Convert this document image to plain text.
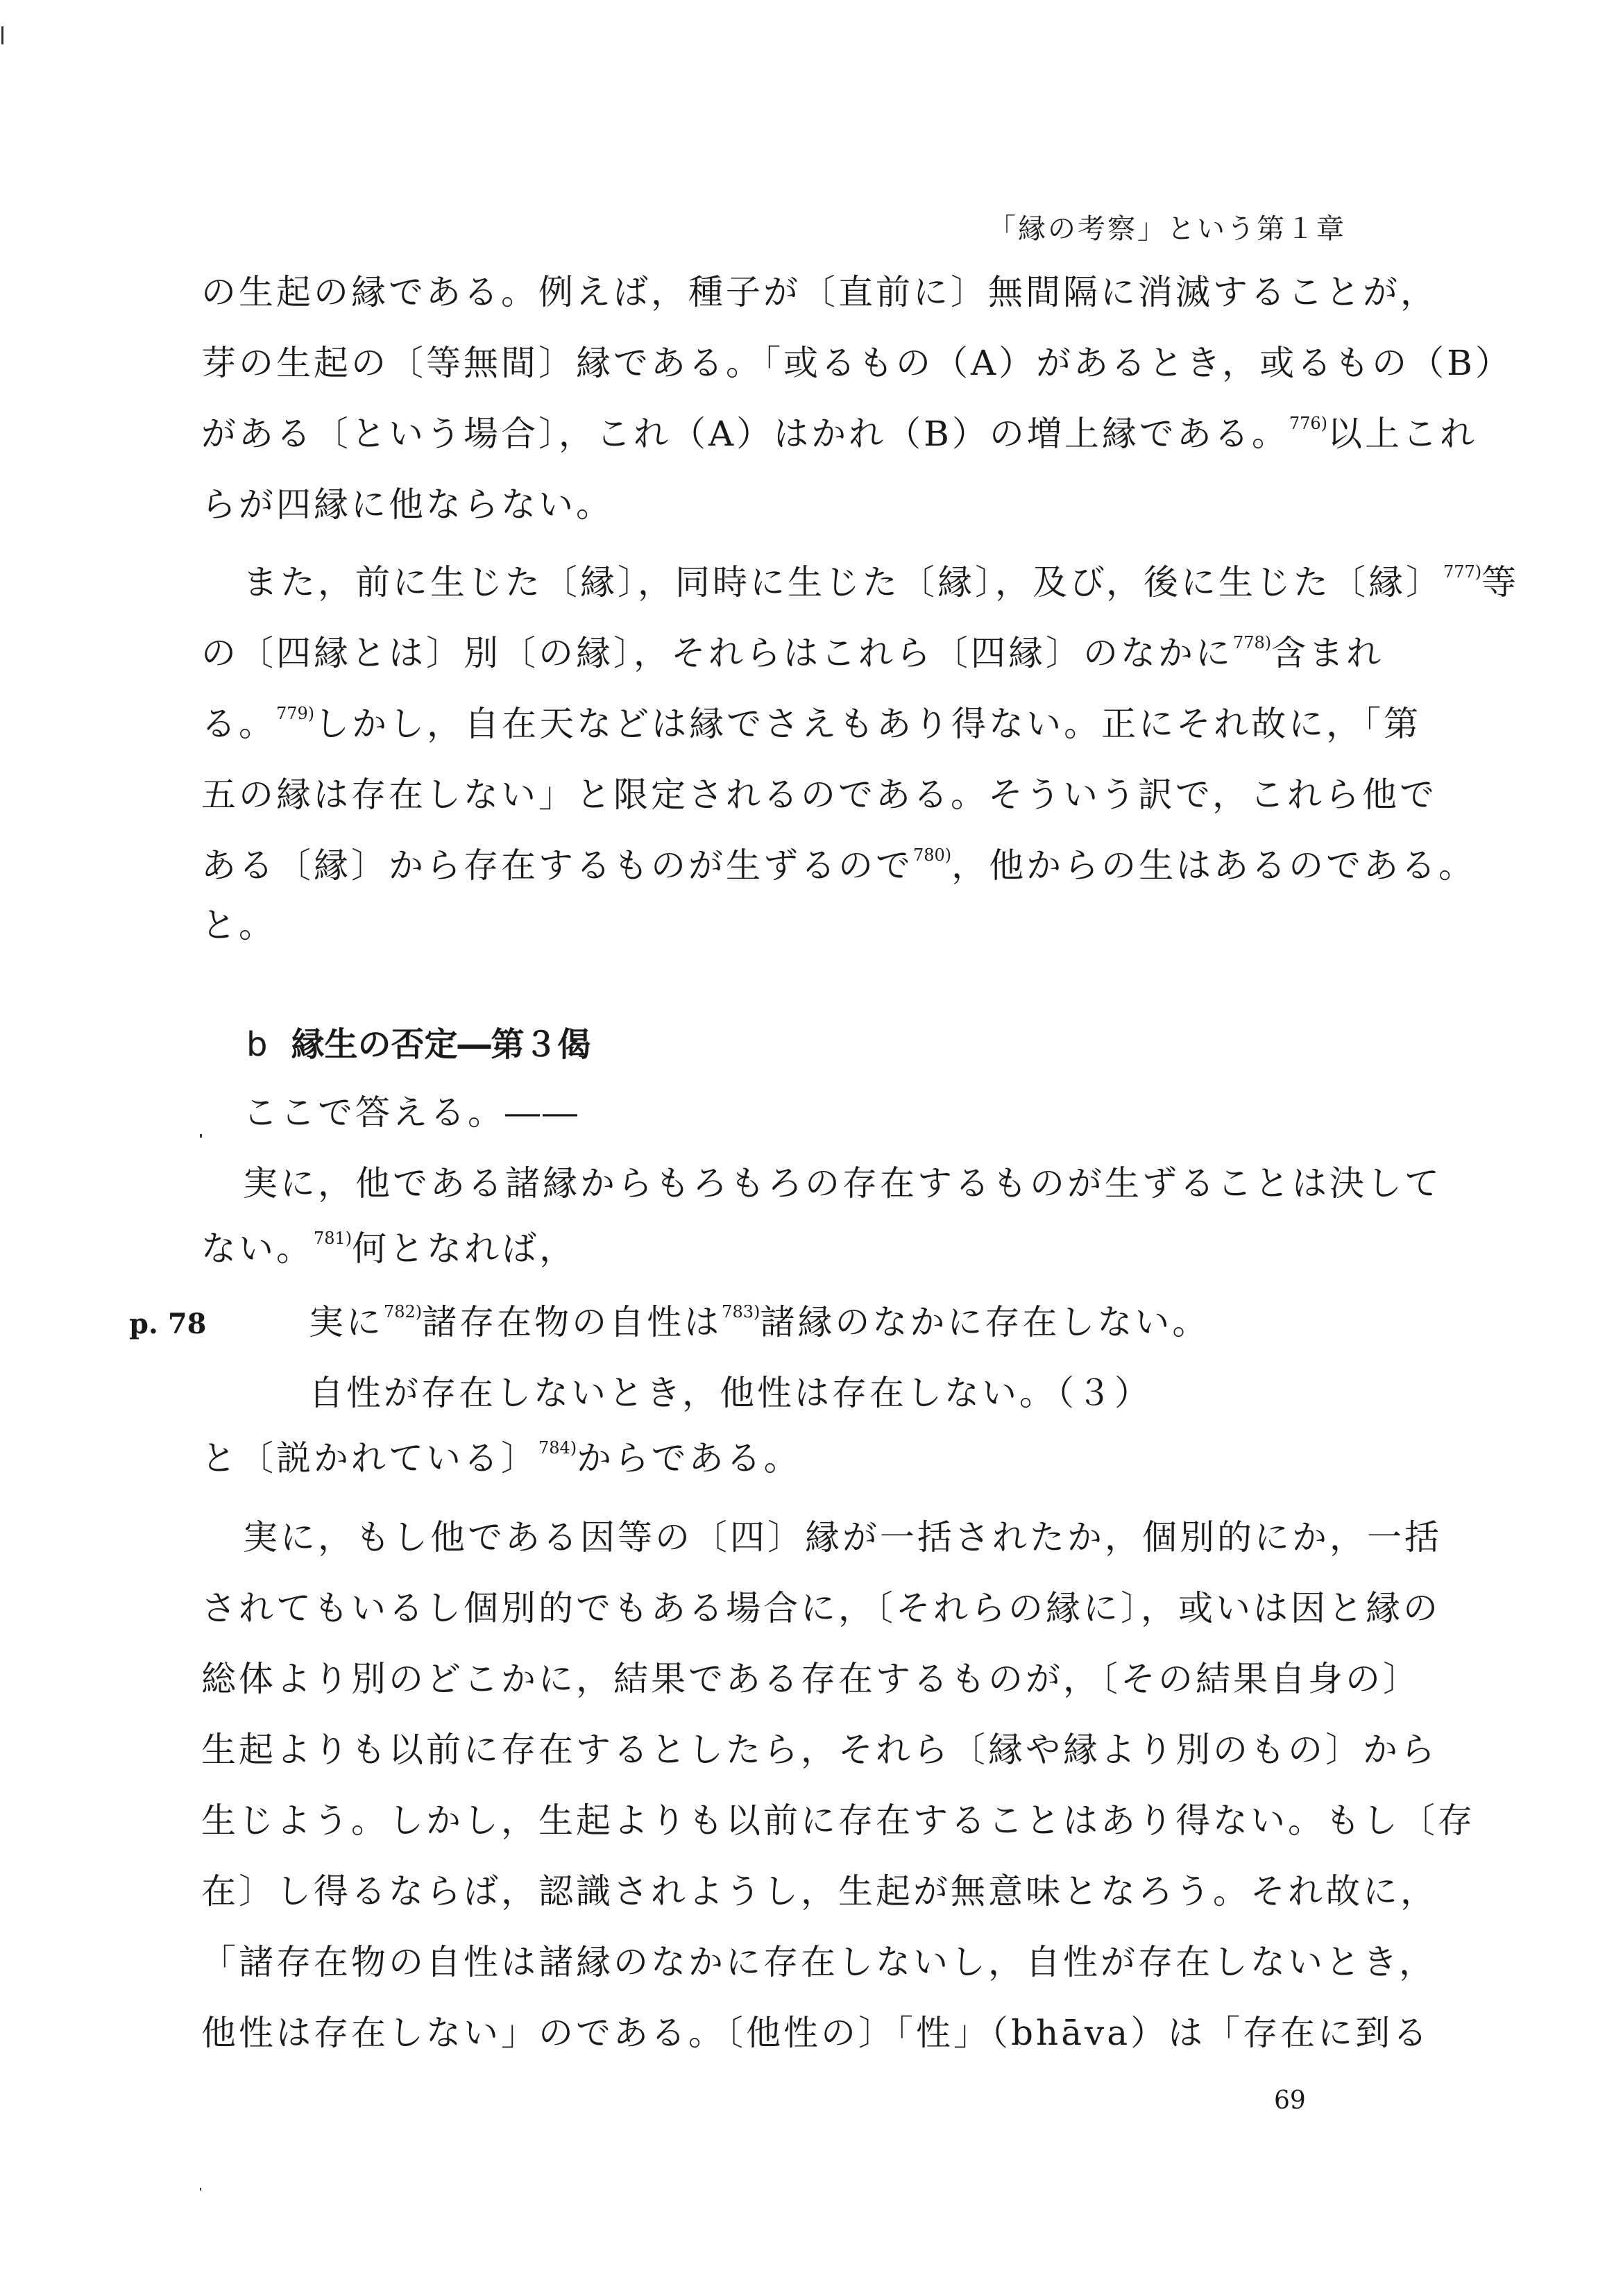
「縁の考察」という第１章
の生起の縁である。例えば，種子が〔直前に〕無間隔に消滅することが，
芽の生起の〔等無間〕縁である。「或るもの（A）があるとき，或るもの（B）
がある〔という場合〕，これ（A）はかれ（B）の増上縁である。$^{776)}$以上これ
らが四縁に他ならない。
また，前に生じた〔縁〕，同時に生じた〔縁〕，及び，後に生じた〔縁〕$^{777)}$等
の〔四縁とは〕別〔の縁〕，それらはこれら〔四縁〕のなかに$^{778)}$含まれ
る。$^{779)}$しかし，自在天などは縁でさえもあり得ない。正にそれ故に，「第
五の縁は存在しない」と限定されるのである。そういう訳で，これら他で
ある〔縁〕から存在するものが生ずるので$^{780)}$，他からの生はあるのである。
と。
b 縁生の否定―第３偈
ここで答える。――
実に，他である諸縁からもろもろの存在するものが生ずることは決して
ない。$^{781)}$何となれば，
p. 78	実に$^{782)}$諸存在物の自性は$^{783)}$諸縁のなかに存在しない。
自性が存在しないとき，他性は存在しない。（３）
と〔説かれている〕$^{784)}$からである。
実に，もし他である因等の〔四〕縁が一括されたか，個別的にか，一括
されてもいるし個別的でもある場合に，〔それらの縁に〕，或いは因と縁の
総体より別のどこかに，結果である存在するものが，〔その結果自身の〕
生起よりも以前に存在するとしたら，それら〔縁や縁より別のもの〕から
生じよう。しかし，生起よりも以前に存在することはあり得ない。もし〔存
在〕し得るならば，認識されようし，生起が無意味となろう。それ故に，
「諸存在物の自性は諸縁のなかに存在しないし，自性が存在しないとき，
他性は存在しない」のである。〔他性の〕「性」（bhāva）は「存在に到る
69
